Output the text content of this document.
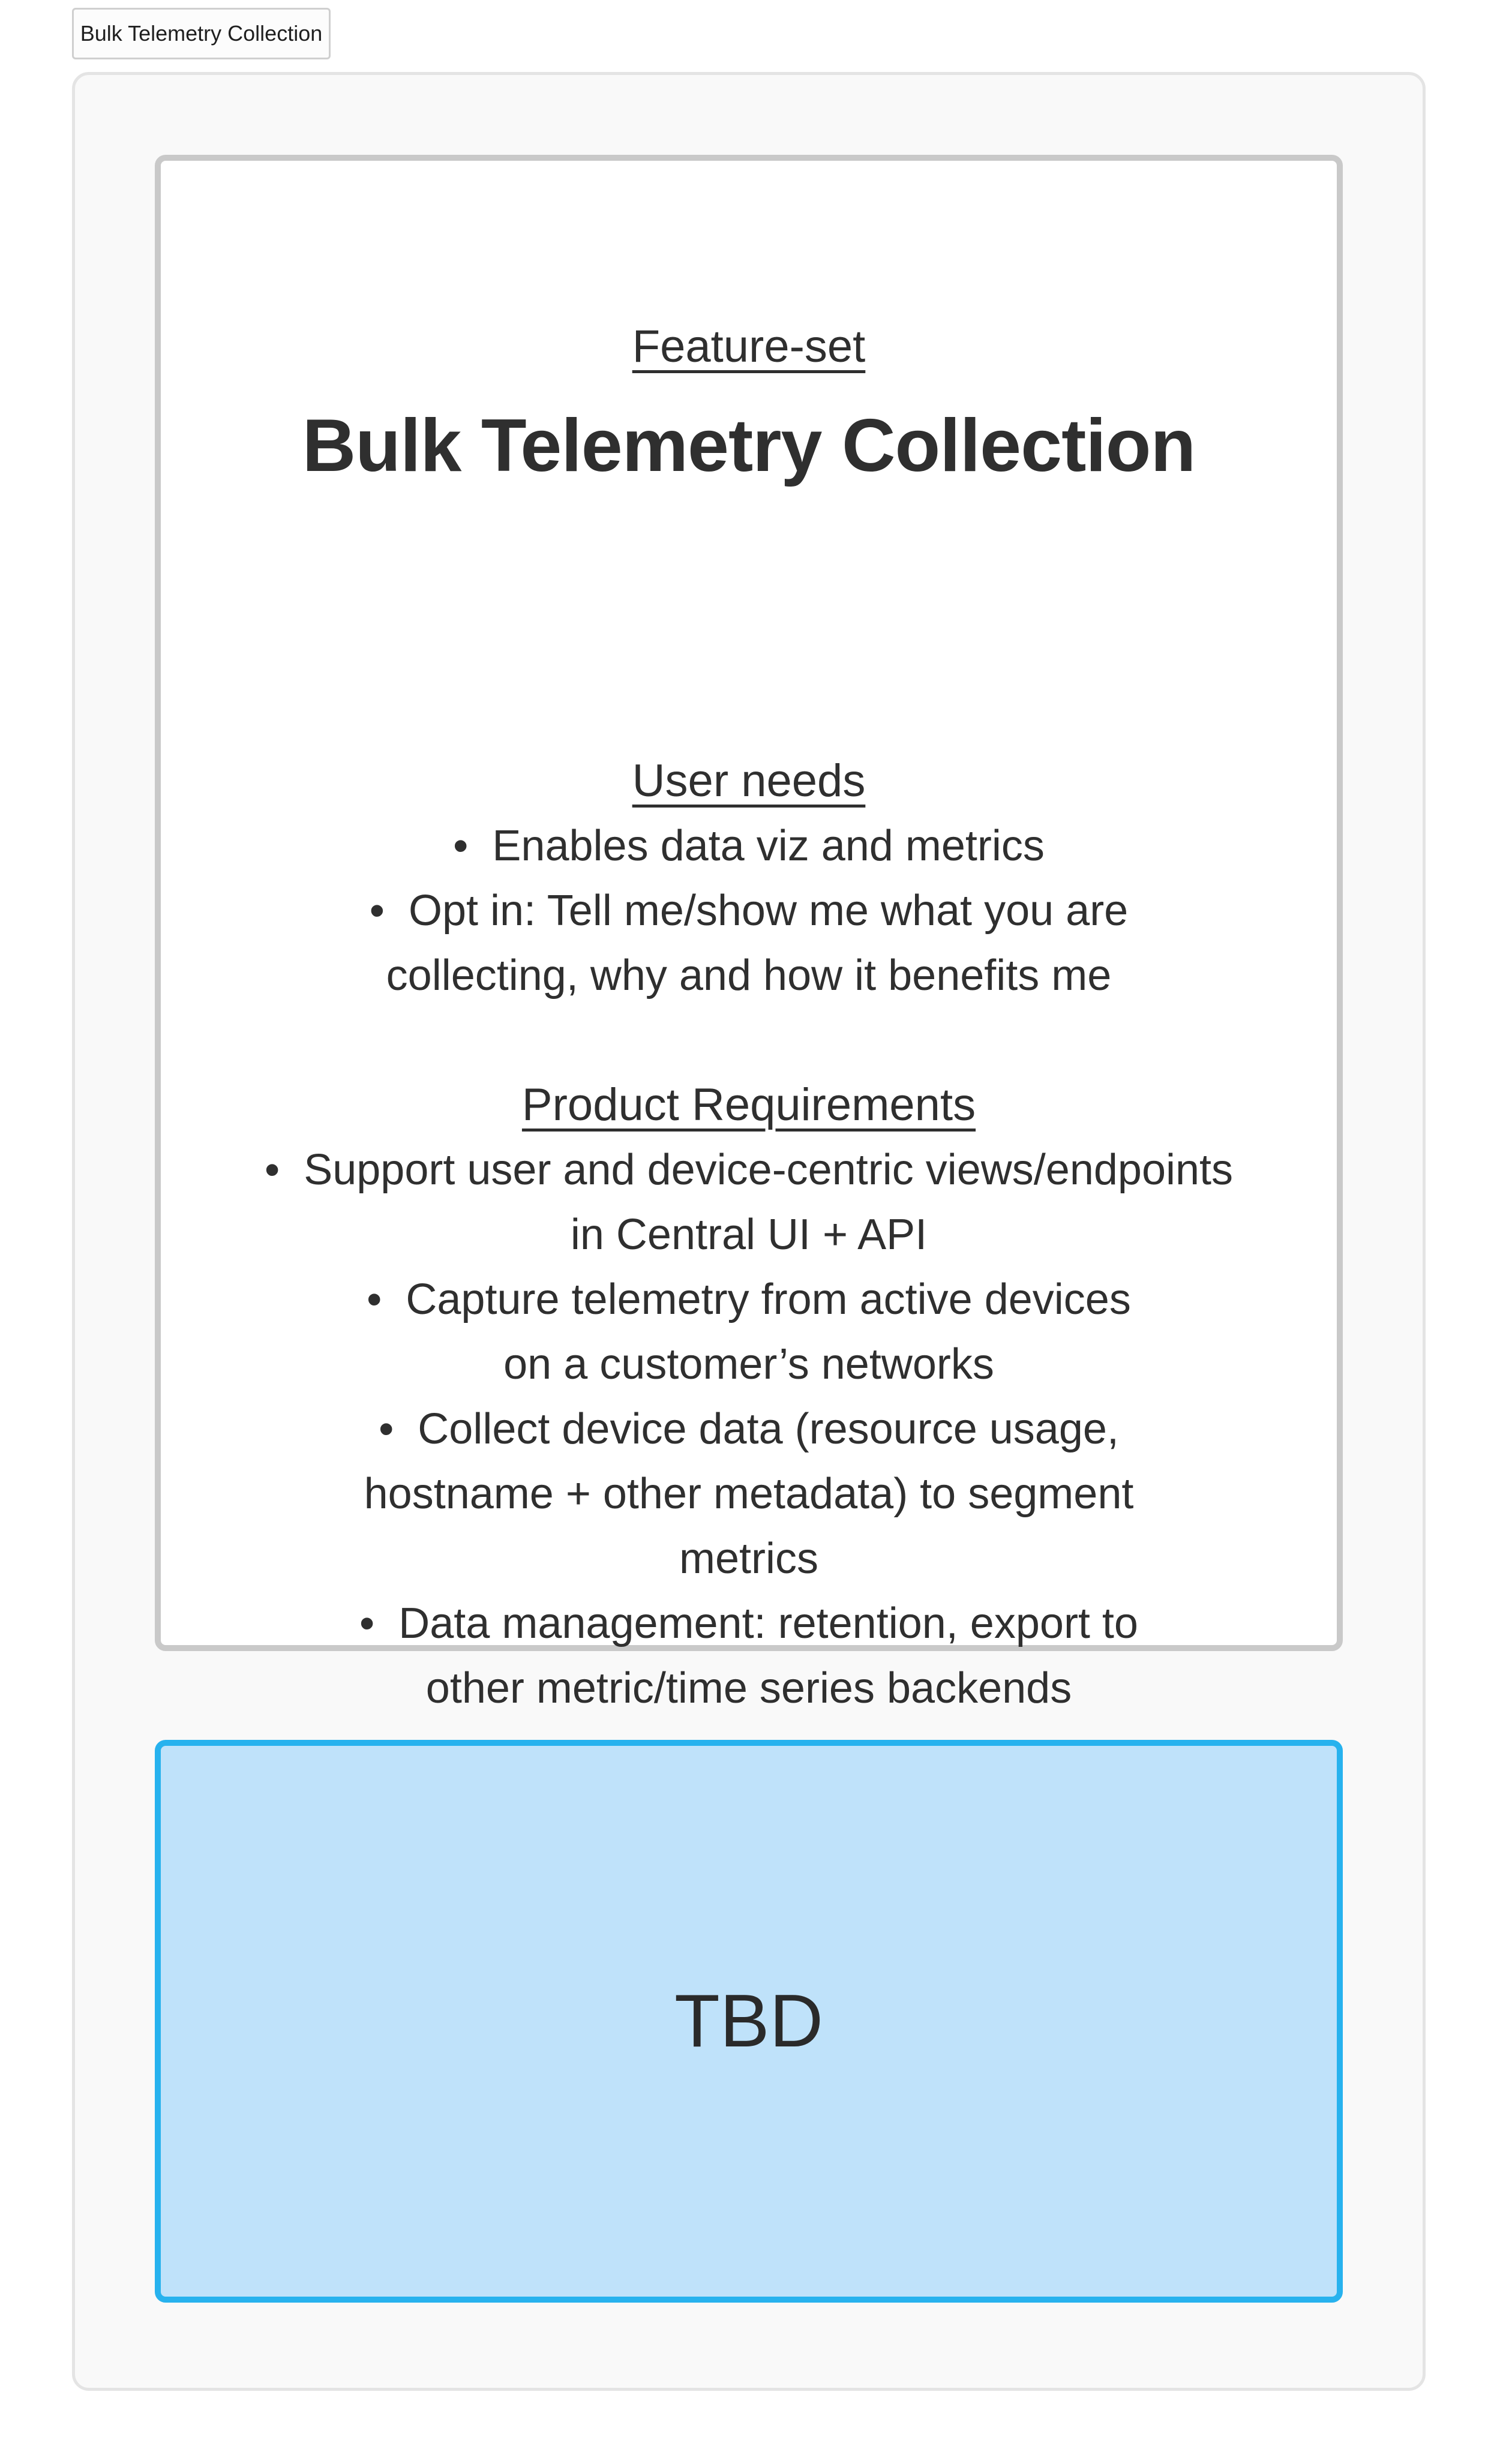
Bulk Telemetry Collection
Feature-set
Bulk Telemetry Collection

User needs

• Enables data viz and metrics
• Opt in: Tell me/show me what you are collecting, why and how it benefits me

Product Requirements

• Support user and device-centric views/endpoints in Central UI + API
• Capture telemetry from active devices on a customer’s networks
• Collect device data (resource usage, hostname + other metadata) to segment metrics
• Data management: retention, export to other metric/time series backends
TBD
